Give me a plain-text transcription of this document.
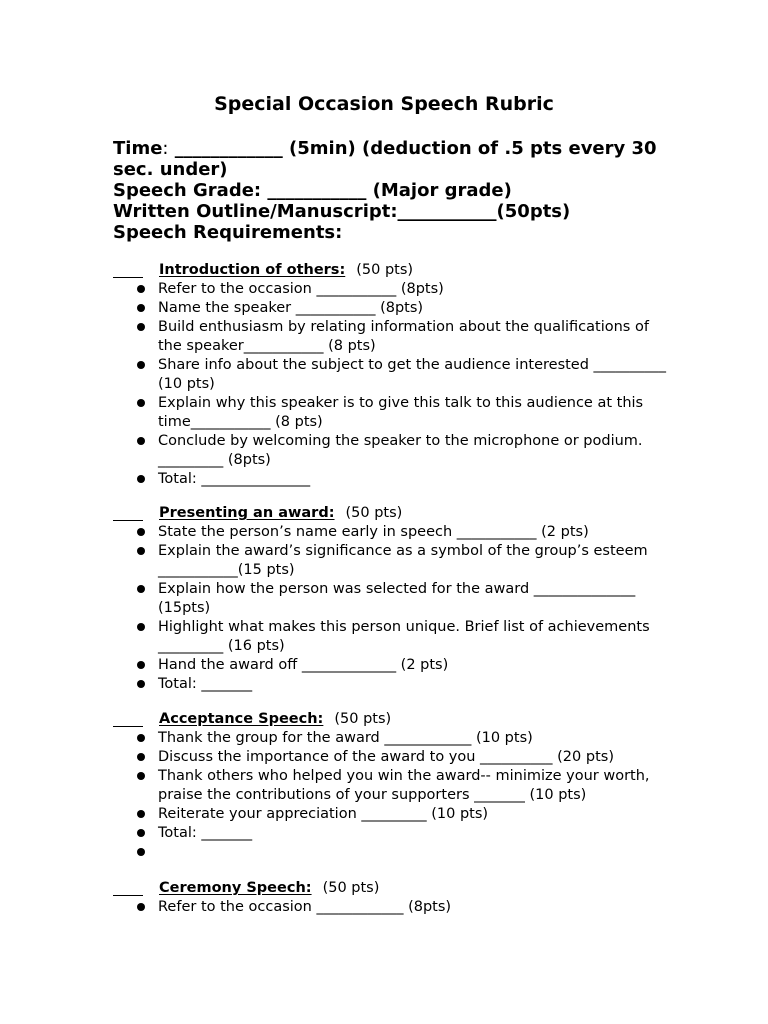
Special Occasion Speech Rubric
Time: ____________ (5min) (deduction of .5 pts every 30
sec. under)
Speech Grade: ___________ (Major grade)
Written Outline/Manuscript:___________(50pts)
Speech Requirements:
Introduction of others: (50 pts)
Refer to the occasion ___________ (8pts)
Name the speaker ___________ (8pts)
Build enthusiasm by relating information about the qualifications of the speaker___________ (8 pts)
Share info about the subject to get the audience interested __________ (10 pts)
Explain why this speaker is to give this talk to this audience at this time___________ (8 pts)
Conclude by welcoming the speaker to the microphone or podium. _________ (8pts)
Total: _______________
Presenting an award: (50 pts)
State the person’s name early in speech ___________ (2 pts)
Explain the award’s significance as a symbol of the group’s esteem ___________(15 pts)
Explain how the person was selected for the award ______________ (15pts)
Highlight what makes this person unique. Brief list of achievements _________ (16 pts)
Hand the award off _____________ (2 pts)
Total: _______
Acceptance Speech: (50 pts)
Thank the group for the award ____________ (10 pts)
Discuss the importance of the award to you __________ (20 pts)
Thank others who helped you win the award-- minimize your worth, praise the contributions of your supporters _______ (10 pts)
Reiterate your appreciation _________ (10 pts)
Total: _______

Ceremony Speech: (50 pts)
Refer to the occasion ____________ (8pts)
